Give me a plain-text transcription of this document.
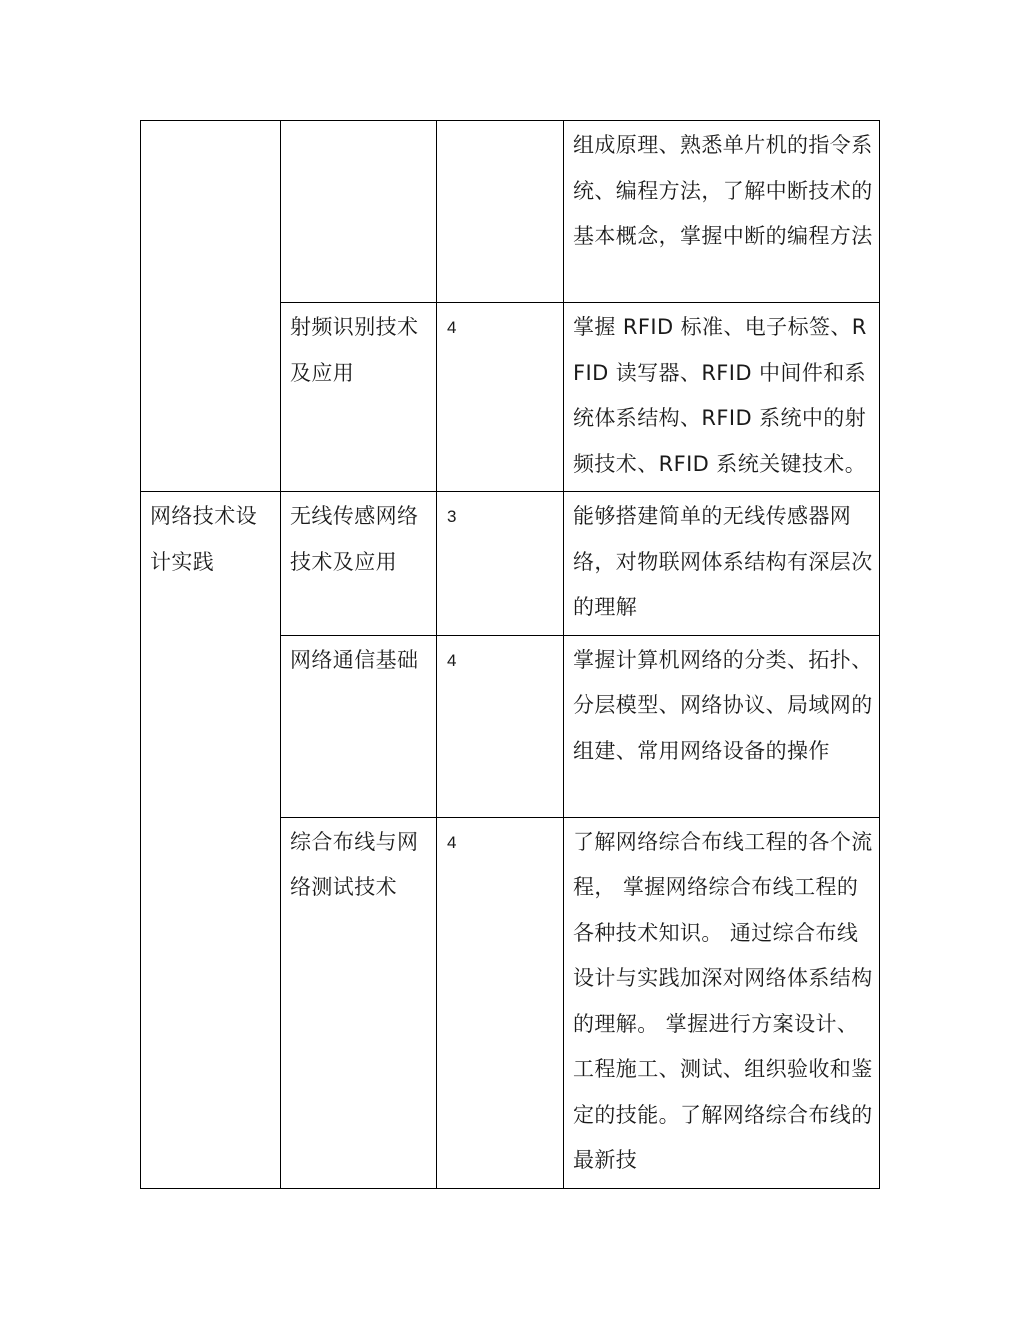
			组成原理、熟悉单片机的指令系统、编程方法，了解中断技术的基本概念，掌握中断的编程方法
	射频识别技术及应用	4	掌握 RFID 标准、电子标签、RFID 读写器、RFID 中间件和系统体系结构、RFID 系统中的射频技术、RFID 系统关键技术。
网络技术设计实践	无线传感网络技术及应用	3	能够搭建简单的无线传感器网络，对物联网体系结构有深层次的理解
	网络通信基础	4	掌握计算机网络的分类、拓扑、分层模型、网络协议、局域网的组建、常用网络设备的操作
	综合布线与网络测试技术	4	了解网络综合布线工程的各个流程， 掌握网络综合布线工程的各种技术知识。 通过综合布线设计与实践加深对网络体系结构的理解。 掌握进行方案设计、工程施工、测试、组织验收和鉴定的技能。了解网络综合布线的最新技
